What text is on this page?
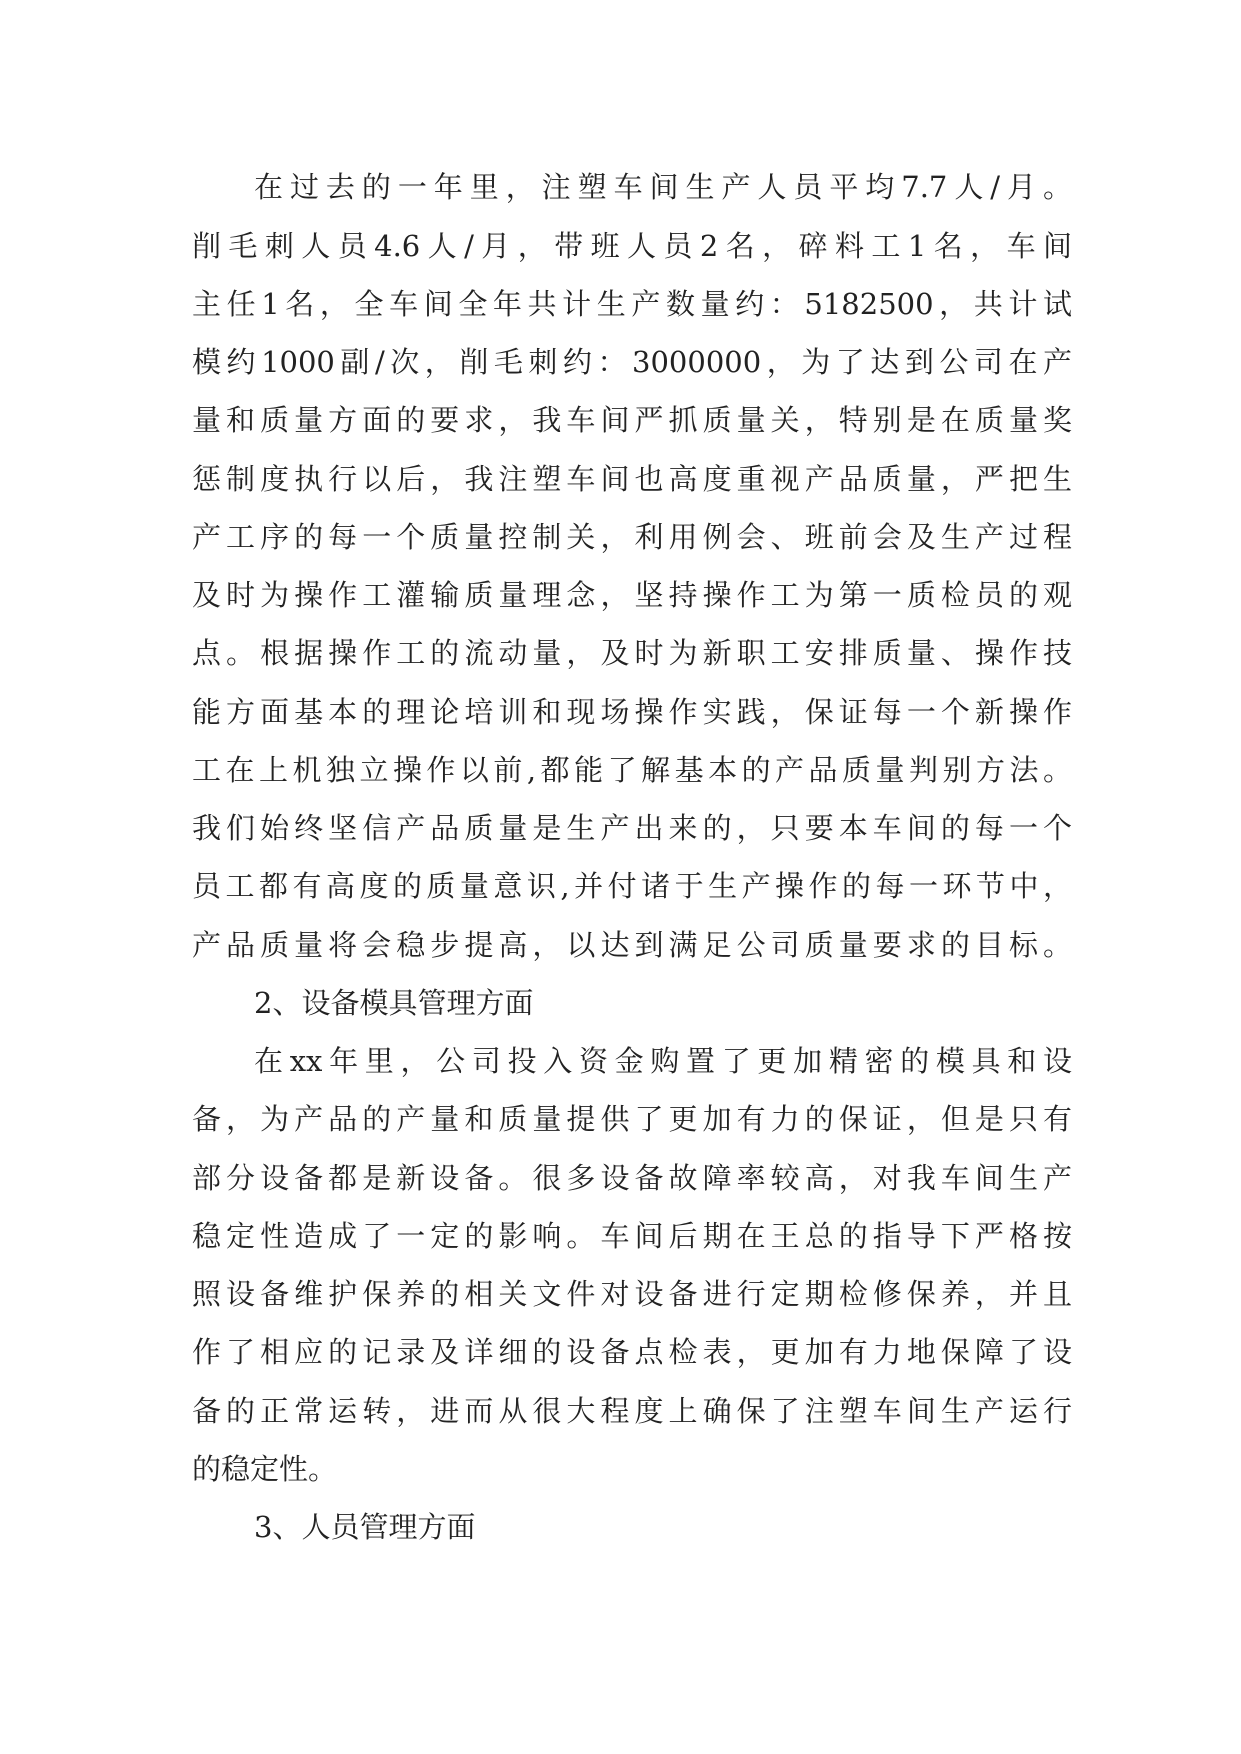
在过去的一年里，注塑车间生产人员平均7.7人/月。
削毛刺人员4.6人/月，带班人员2名，碎料工1名，车间
主任1名，全车间全年共计生产数量约：5182500，共计试
模约1000副/次，削毛刺约：3000000，为了达到公司在产
量和质量方面的要求，我车间严抓质量关，特别是在质量奖
惩制度执行以后，我注塑车间也高度重视产品质量，严把生
产工序的每一个质量控制关，利用例会、班前会及生产过程
及时为操作工灌输质量理念，坚持操作工为第一质检员的观
点。根据操作工的流动量，及时为新职工安排质量、操作技
能方面基本的理论培训和现场操作实践，保证每一个新操作
工在上机独立操作以前,都能了解基本的产品质量判别方法。
我们始终坚信产品质量是生产出来的，只要本车间的每一个
员工都有高度的质量意识,并付诸于生产操作的每一环节中，
产品质量将会稳步提高，以达到满足公司质量要求的目标。
2、设备模具管理方面
在xx年里，公司投入资金购置了更加精密的模具和设
备，为产品的产量和质量提供了更加有力的保证，但是只有
部分设备都是新设备。很多设备故障率较高，对我车间生产
稳定性造成了一定的影响。车间后期在王总的指导下严格按
照设备维护保养的相关文件对设备进行定期检修保养，并且
作了相应的记录及详细的设备点检表，更加有力地保障了设
备的正常运转，进而从很大程度上确保了注塑车间生产运行
的稳定性。
3、人员管理方面
